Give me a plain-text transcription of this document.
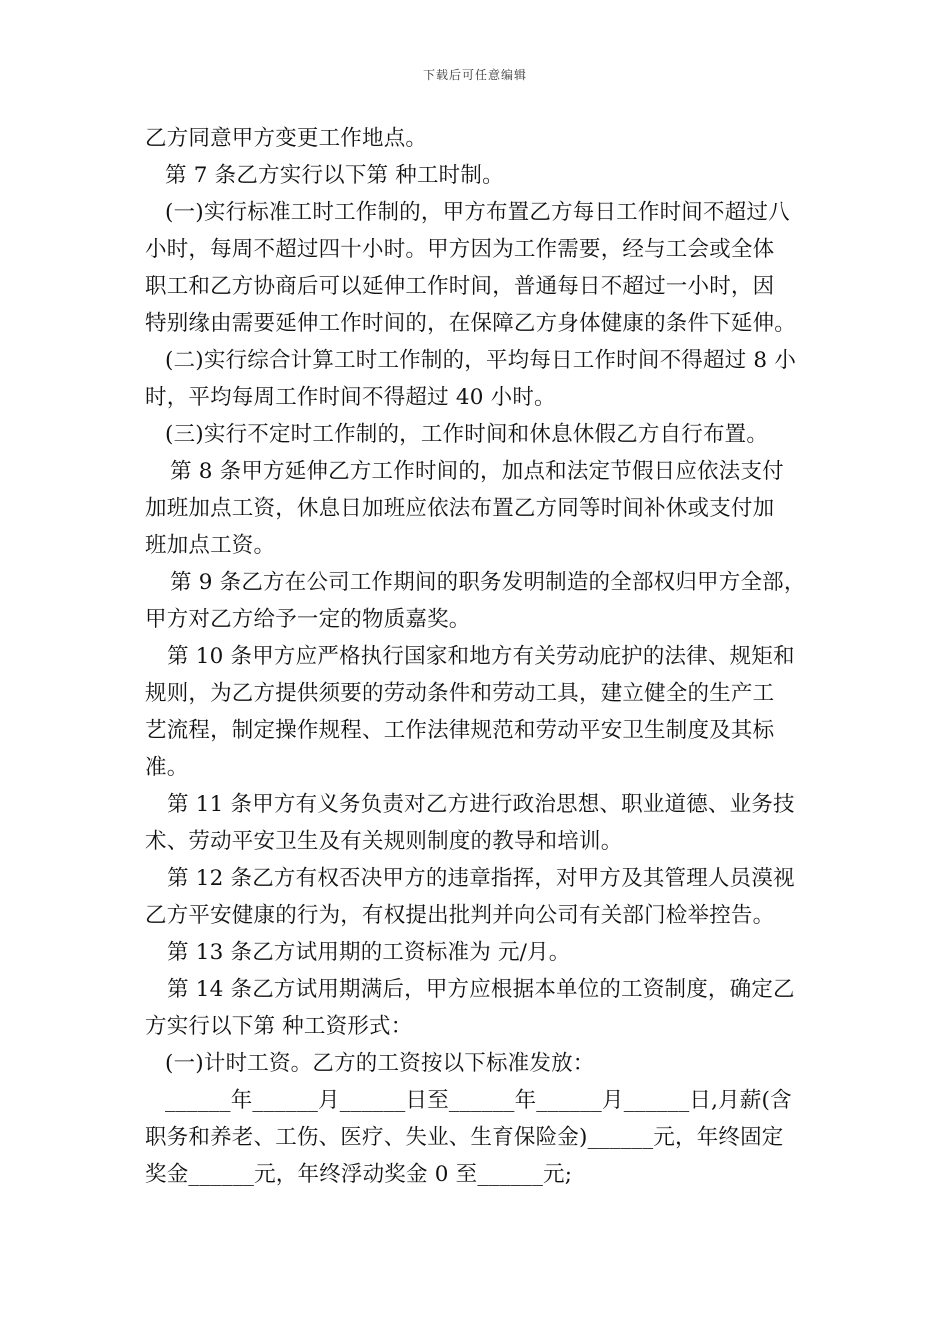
下载后可任意编辑
乙方同意甲方变更工作地点。
第 7 条乙方实行以下第 种工时制。
(一)实行标准工时工作制的，甲方布置乙方每日工作时间不超过八
小时，每周不超过四十小时。甲方因为工作需要，经与工会或全体
职工和乙方协商后可以延伸工作时间，普通每日不超过一小时，因
特别缘由需要延伸工作时间的，在保障乙方身体健康的条件下延伸。
(二)实行综合计算工时工作制的，平均每日工作时间不得超过 8 小
时，平均每周工作时间不得超过 40 小时。
(三)实行不定时工作制的，工作时间和休息休假乙方自行布置。
第 8 条甲方延伸乙方工作时间的，加点和法定节假日应依法支付
加班加点工资，休息日加班应依法布置乙方同等时间补休或支付加
班加点工资。
第 9 条乙方在公司工作期间的职务发明制造的全部权归甲方全部，
甲方对乙方给予一定的物质嘉奖。
第 10 条甲方应严格执行国家和地方有关劳动庇护的法律、规矩和
规则，为乙方提供须要的劳动条件和劳动工具，建立健全的生产工
艺流程，制定操作规程、工作法律规范和劳动平安卫生制度及其标
准。
第 11 条甲方有义务负责对乙方进行政治思想、职业道德、业务技
术、劳动平安卫生及有关规则制度的教导和培训。
第 12 条乙方有权否决甲方的违章指挥，对甲方及其管理人员漠视
乙方平安健康的行为，有权提出批判并向公司有关部门检举控告。
第 13 条乙方试用期的工资标准为 元/月。
第 14 条乙方试用期满后，甲方应根据本单位的工资制度，确定乙
方实行以下第 种工资形式：
(一)计时工资。乙方的工资按以下标准发放：
______年______月______日至______年______月______日,月薪(含
职务和养老、工伤、医疗、失业、生育保险金)______元，年终固定
奖金______元，年终浮动奖金 0 至______元;
